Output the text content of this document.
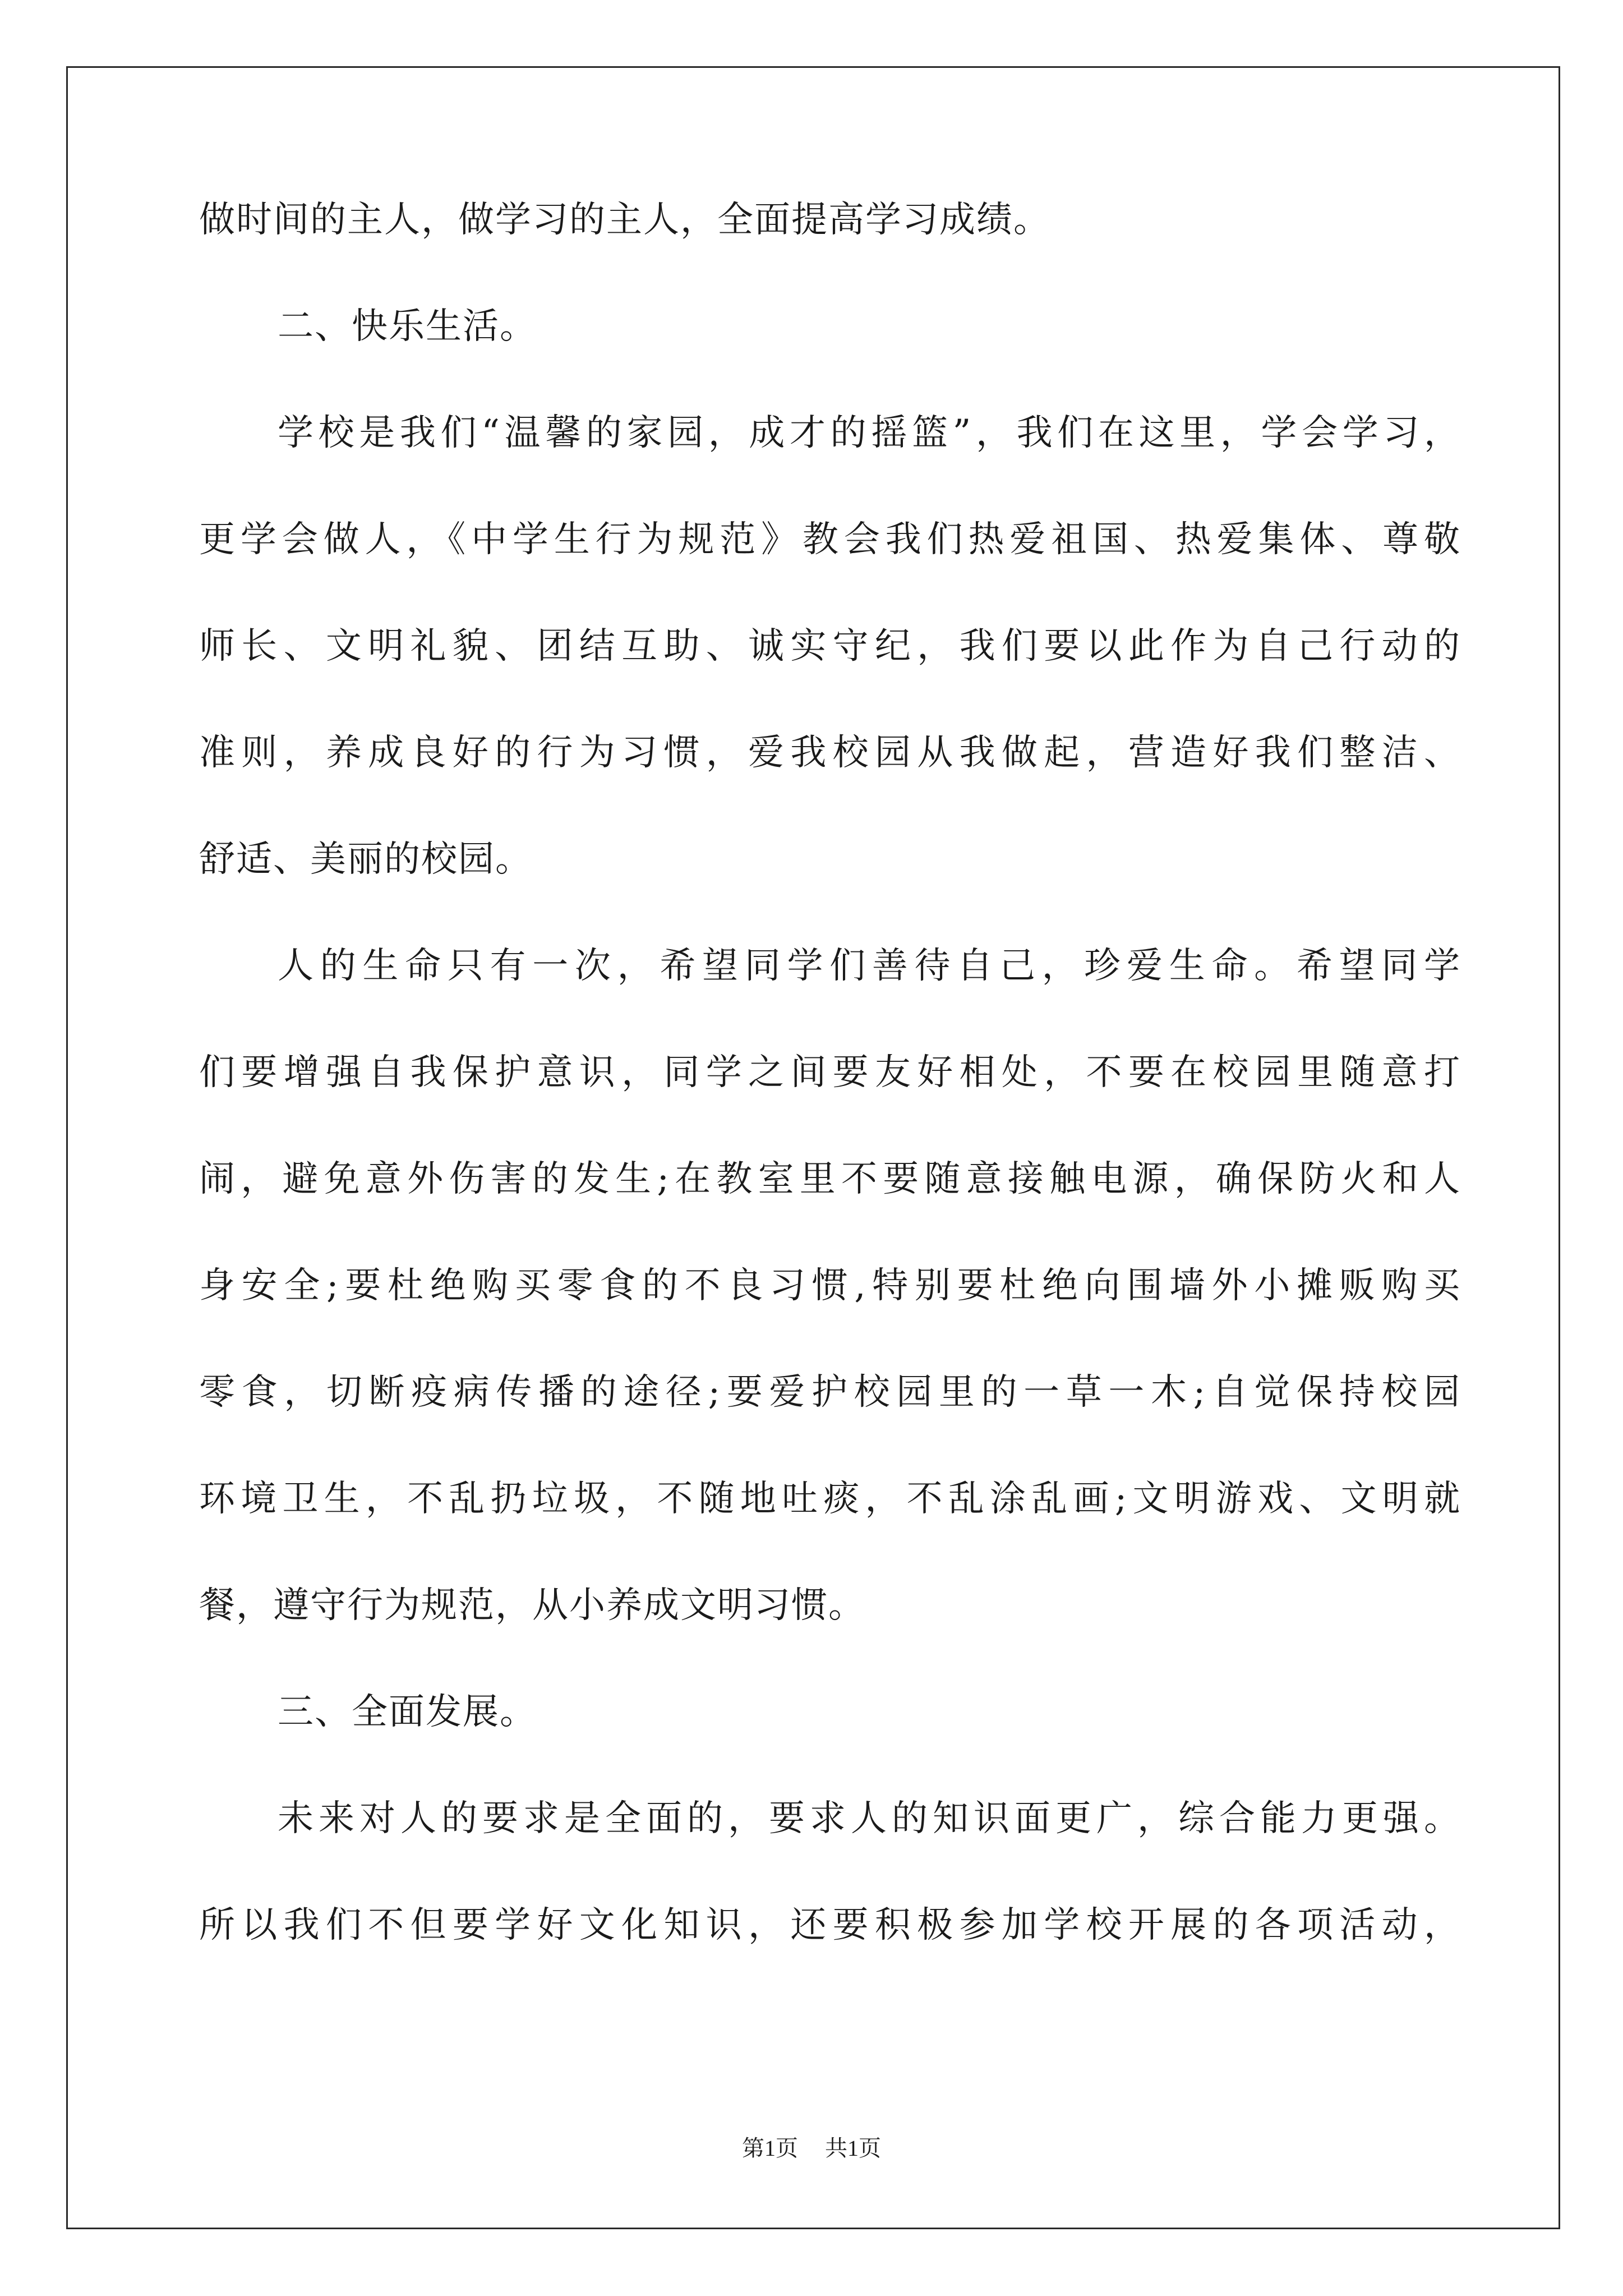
做时间的主人，做学习的主人，全面提高学习成绩。
二、快乐生活。
学校是我们“温馨的家园，成才的摇篮”，我们在这里，学会学习，
更学会做人，《中学生行为规范》教会我们热爱祖国、热爱集体、尊敬
师长、文明礼貌、团结互助、诚实守纪，我们要以此作为自己行动的
准则，养成良好的行为习惯，爱我校园从我做起，营造好我们整洁、
舒适、美丽的校园。
人的生命只有一次，希望同学们善待自己，珍爱生命。希望同学
们要增强自我保护意识，同学之间要友好相处，不要在校园里随意打
闹，避免意外伤害的发生;在教室里不要随意接触电源，确保防火和人
身安全;要杜绝购买零食的不良习惯,特别要杜绝向围墙外小摊贩购买
零食，切断疫病传播的途径;要爱护校园里的一草一木;自觉保持校园
环境卫生，不乱扔垃圾，不随地吐痰，不乱涂乱画;文明游戏、文明就
餐，遵守行为规范，从小养成文明习惯。
三、全面发展。
未来对人的要求是全面的，要求人的知识面更广，综合能力更强。
所以我们不但要学好文化知识，还要积极参加学校开展的各项活动，
第1页 共1页
